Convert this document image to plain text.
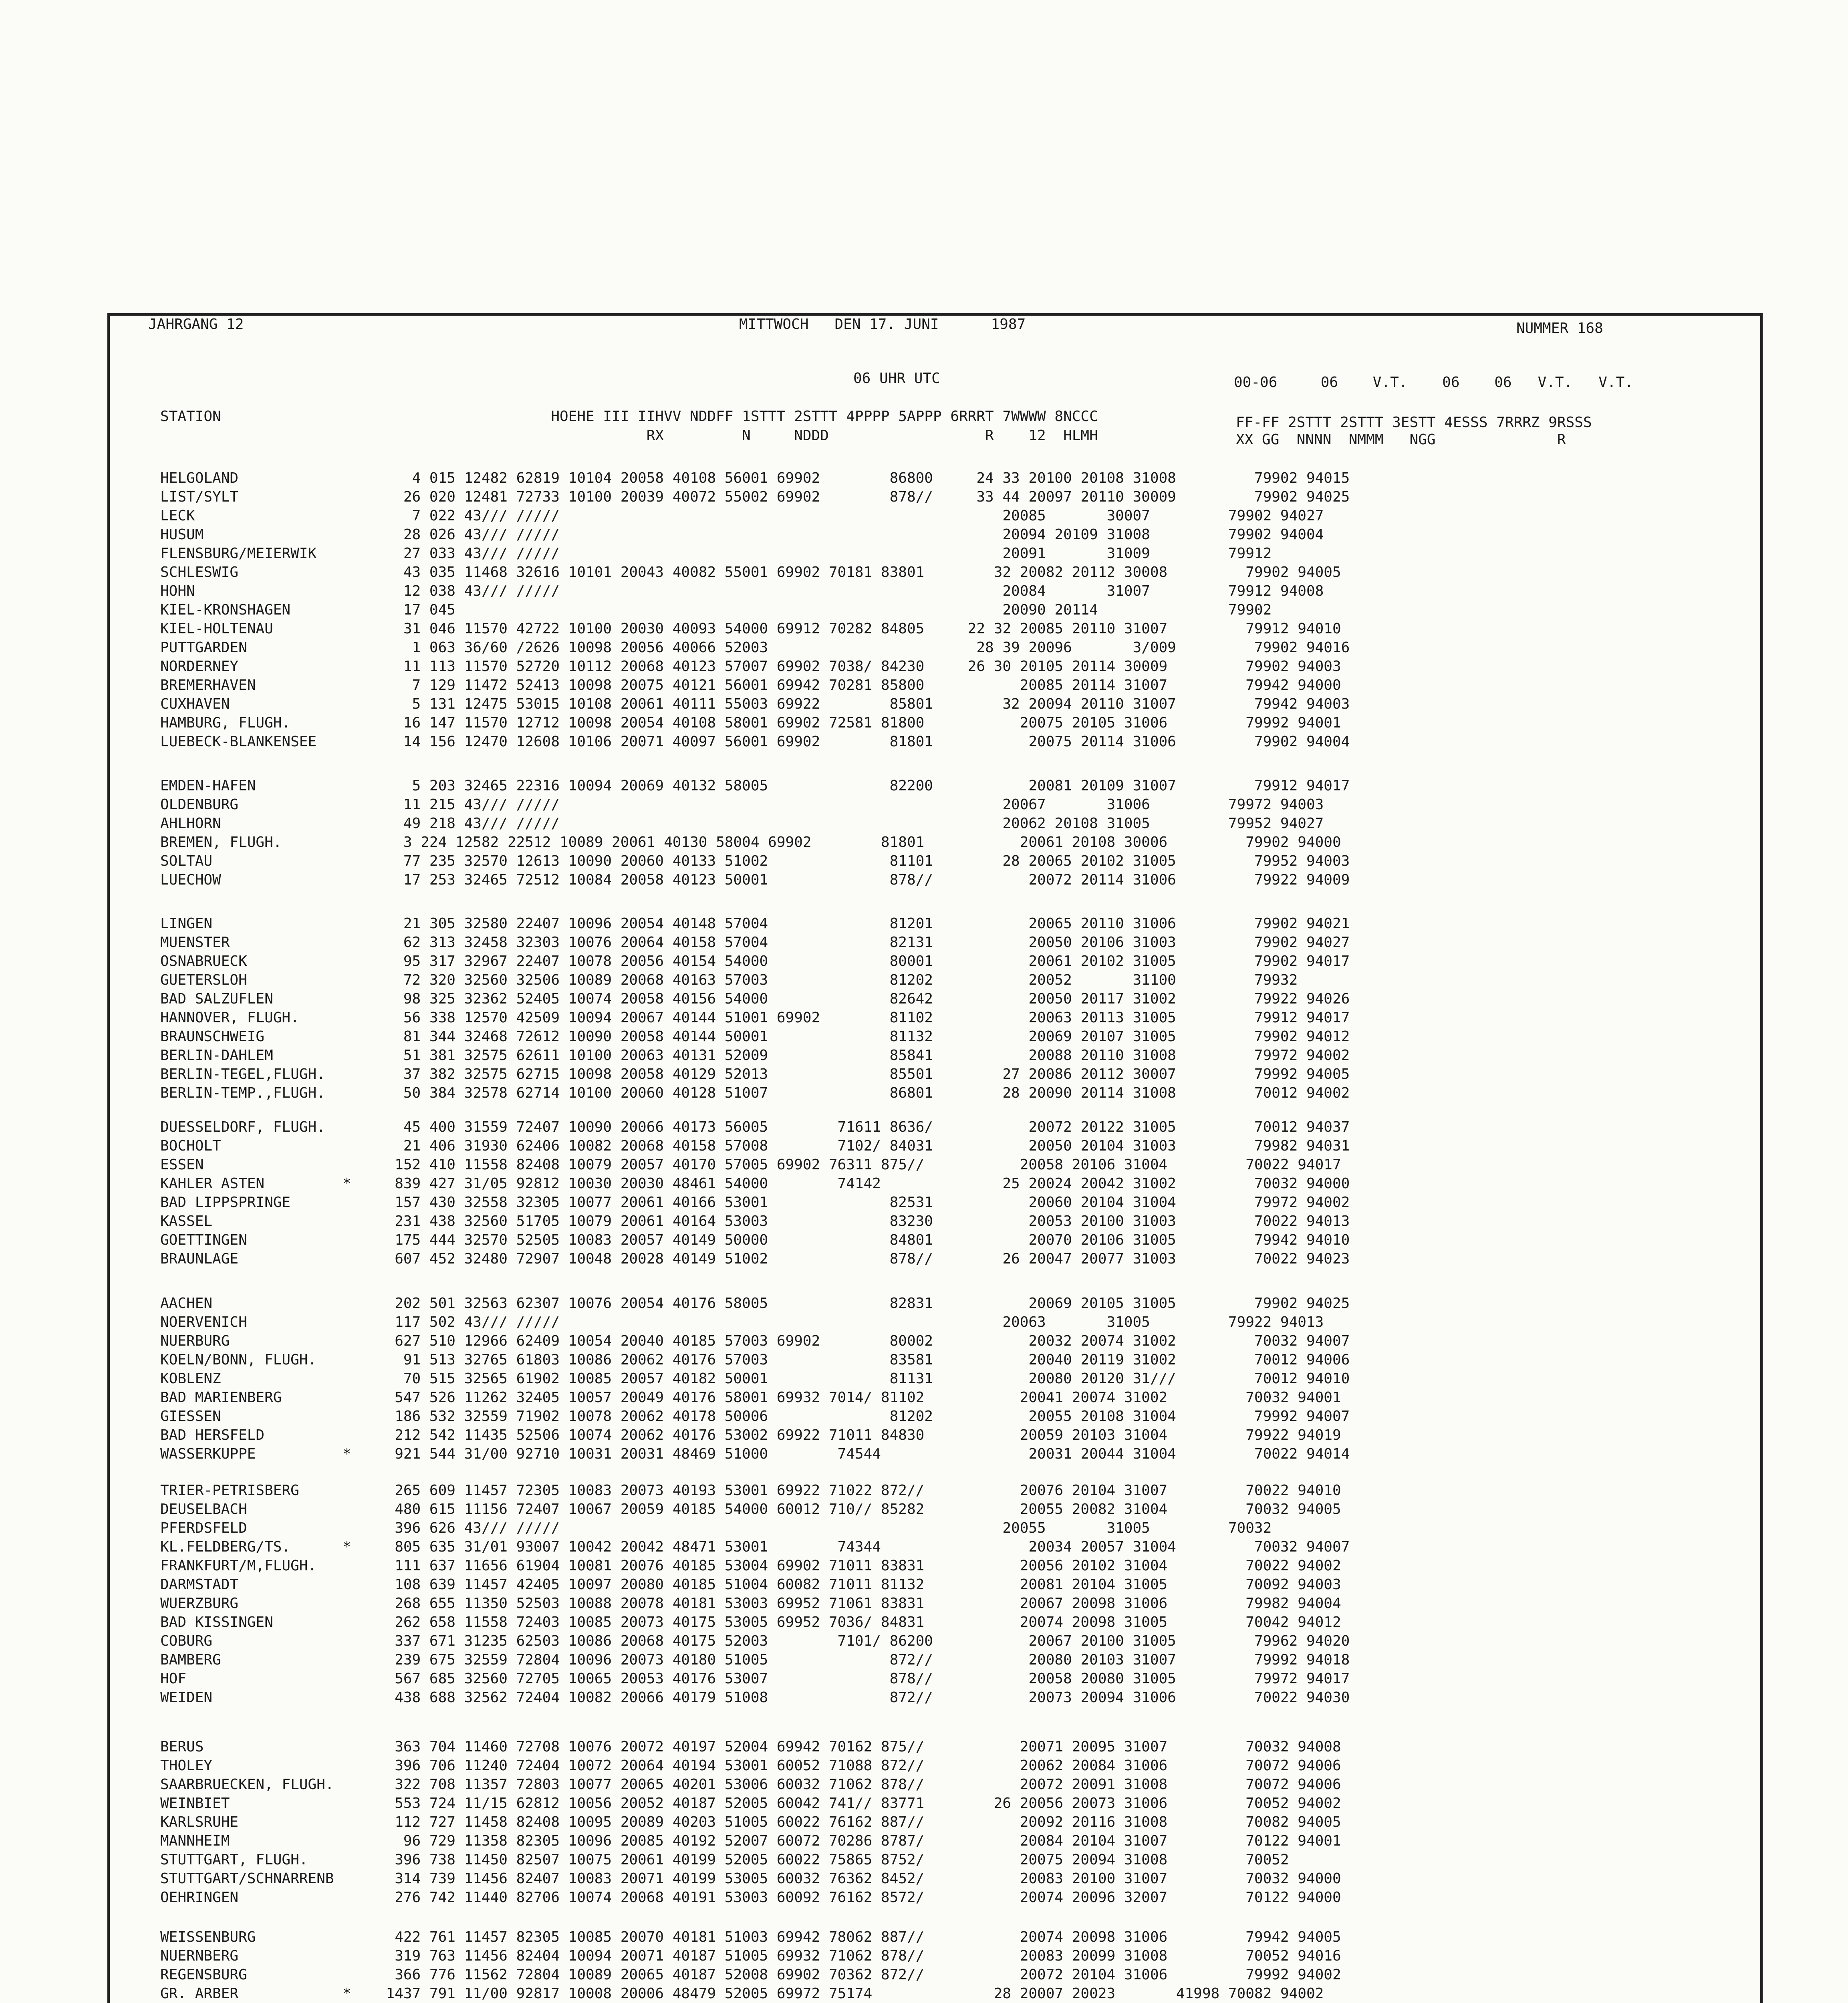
JAHRGANG 12	MITTWOCH   DEN 17. JUNI      1987	NUMMER 168
06 UHR UTC	00-06     06    V.T.    06    06   V.T.   V.T.
STATION                                      HOEHE III IIHVV NDDFF 1STTT 2STTT 4PPPP 5APPP 6RRRT 7WWWW 8NCCC
RX         N     NDDD                  R    12  HLMH
FF-FF 2STTT 2STTT 3ESTT 4ESSS 7RRRZ 9RSSS
XX GG  NNNN  NMMM   NGG              R
HELGOLAND                    4 015 12482 62819 10104 20058 40108 56001 69902        86800     24 33 20100 20108 31008         79902 94015
LIST/SYLT                   26 020 12481 72733 10100 20039 40072 55002 69902        878//     33 44 20097 20110 30009         79902 94025
LECK                         7 022 43/// /////                                                   20085       30007         79902 94027
HUSUM                       28 026 43/// /////                                                   20094 20109 31008         79902 94004
FLENSBURG/MEIERWIK          27 033 43/// /////                                                   20091       31009         79912
SCHLESWIG                   43 035 11468 32616 10101 20043 40082 55001 69902 70181 83801        32 20082 20112 30008         79902 94005
HOHN                        12 038 43/// /////                                                   20084       31007         79912 94008
KIEL-KRONSHAGEN             17 045                                                               20090 20114               79902
KIEL-HOLTENAU               31 046 11570 42722 10100 20030 40093 54000 69912 70282 84805     22 32 20085 20110 31007         79912 94010
PUTTGARDEN                   1 063 36/60 /2626 10098 20056 40066 52003                        28 39 20096       3/009         79902 94016
NORDERNEY                   11 113 11570 52720 10112 20068 40123 57007 69902 7038/ 84230     26 30 20105 20114 30009         79902 94003
BREMERHAVEN                  7 129 11472 52413 10098 20075 40121 56001 69942 70281 85800           20085 20114 31007         79942 94000
CUXHAVEN                     5 131 12475 53015 10108 20061 40111 55003 69922        85801        32 20094 20110 31007         79942 94003
HAMBURG, FLUGH.             16 147 11570 12712 10098 20054 40108 58001 69902 72581 81800           20075 20105 31006         79992 94001
LUEBECK-BLANKENSEE          14 156 12470 12608 10106 20071 40097 56001 69902        81801           20075 20114 31006         79902 94004
EMDEN-HAFEN                  5 203 32465 22316 10094 20069 40132 58005              82200           20081 20109 31007         79912 94017
OLDENBURG                   11 215 43/// /////                                                   20067       31006         79972 94003
AHLHORN                     49 218 43/// /////                                                   20062 20108 31005         79952 94027
BREMEN, FLUGH.              3 224 12582 22512 10089 20061 40130 58004 69902        81801           20061 20108 30006         79902 94000
SOLTAU                      77 235 32570 12613 10090 20060 40133 51002              81101        28 20065 20102 31005         79952 94003
LUECHOW                     17 253 32465 72512 10084 20058 40123 50001              878//           20072 20114 31006         79922 94009
LINGEN                      21 305 32580 22407 10096 20054 40148 57004              81201           20065 20110 31006         79902 94021
MUENSTER                    62 313 32458 32303 10076 20064 40158 57004              82131           20050 20106 31003         79902 94027
OSNABRUECK                  95 317 32967 22407 10078 20056 40154 54000              80001           20061 20102 31005         79902 94017
GUETERSLOH                  72 320 32560 32506 10089 20068 40163 57003              81202           20052       31100         79932
BAD SALZUFLEN               98 325 32362 52405 10074 20058 40156 54000              82642           20050 20117 31002         79922 94026
HANNOVER, FLUGH.            56 338 12570 42509 10094 20067 40144 51001 69902        81102           20063 20113 31005         79912 94017
BRAUNSCHWEIG                81 344 32468 72612 10090 20058 40144 50001              81132           20069 20107 31005         79902 94012
BERLIN-DAHLEM               51 381 32575 62611 10100 20063 40131 52009              85841           20088 20110 31008         79972 94002
BERLIN-TEGEL,FLUGH.         37 382 32575 62715 10098 20058 40129 52013              85501        27 20086 20112 30007         79992 94005
BERLIN-TEMP.,FLUGH.         50 384 32578 62714 10100 20060 40128 51007              86801        28 20090 20114 31008         70012 94002
DUESSELDORF, FLUGH.         45 400 31559 72407 10090 20066 40173 56005        71611 8636/           20072 20122 31005         70012 94037
BOCHOLT                     21 406 31930 62406 10082 20068 40158 57008        7102/ 84031           20050 20104 31003         79982 94031
ESSEN                      152 410 11558 82408 10079 20057 40170 57005 69902 76311 875//           20058 20106 31004         70022 94017
KAHLER ASTEN         *     839 427 31/05 92812 10030 20030 48461 54000        74142              25 20024 20042 31002         70032 94000
BAD LIPPSPRINGE            157 430 32558 32305 10077 20061 40166 53001              82531           20060 20104 31004         79972 94002
KASSEL                     231 438 32560 51705 10079 20061 40164 53003              83230           20053 20100 31003         70022 94013
GOETTINGEN                 175 444 32570 52505 10083 20057 40149 50000              84801           20070 20106 31005         79942 94010
BRAUNLAGE                  607 452 32480 72907 10048 20028 40149 51002              878//        26 20047 20077 31003         70022 94023
AACHEN                     202 501 32563 62307 10076 20054 40176 58005              82831           20069 20105 31005         79902 94025
NOERVENICH                 117 502 43/// /////                                                   20063       31005         79922 94013
NUERBURG                   627 510 12966 62409 10054 20040 40185 57003 69902        80002           20032 20074 31002         70032 94007
KOELN/BONN, FLUGH.          91 513 32765 61803 10086 20062 40176 57003              83581           20040 20119 31002         70012 94006
KOBLENZ                     70 515 32565 61902 10085 20057 40182 50001              81131           20080 20120 31///         70012 94010
BAD MARIENBERG             547 526 11262 32405 10057 20049 40176 58001 69932 7014/ 81102           20041 20074 31002         70032 94001
GIESSEN                    186 532 32559 71902 10078 20062 40178 50006              81202           20055 20108 31004         79992 94007
BAD HERSFELD               212 542 11435 52506 10074 20062 40176 53002 69922 71011 84830           20059 20103 31004         79922 94019
WASSERKUPPE          *     921 544 31/00 92710 10031 20031 48469 51000        74544                 20031 20044 31004         70022 94014
TRIER-PETRISBERG           265 609 11457 72305 10083 20073 40193 53001 69922 71022 872//           20076 20104 31007         70022 94010
DEUSELBACH                 480 615 11156 72407 10067 20059 40185 54000 60012 710// 85282           20055 20082 31004         70032 94005
PFERDSFELD                 396 626 43/// /////                                                   20055       31005         70032
KL.FELDBERG/TS.      *     805 635 31/01 93007 10042 20042 48471 53001        74344                 20034 20057 31004         70032 94007
FRANKFURT/M,FLUGH.         111 637 11656 61904 10081 20076 40185 53004 69902 71011 83831           20056 20102 31004         70022 94002
DARMSTADT                  108 639 11457 42405 10097 20080 40185 51004 60082 71011 81132           20081 20104 31005         70092 94003
WUERZBURG                  268 655 11350 52503 10088 20078 40181 53003 69952 71061 83831           20067 20098 31006         79982 94004
BAD KISSINGEN              262 658 11558 72403 10085 20073 40175 53005 69952 7036/ 84831           20074 20098 31005         70042 94012
COBURG                     337 671 31235 62503 10086 20068 40175 52003        7101/ 86200           20067 20100 31005         79962 94020
BAMBERG                    239 675 32559 72804 10096 20073 40180 51005              872//           20080 20103 31007         79992 94018
HOF                        567 685 32560 72705 10065 20053 40176 53007              878//           20058 20080 31005         79972 94017
WEIDEN                     438 688 32562 72404 10082 20066 40179 51008              872//           20073 20094 31006         70022 94030
BERUS                      363 704 11460 72708 10076 20072 40197 52004 69942 70162 875//           20071 20095 31007         70032 94008
THOLEY                     396 706 11240 72404 10072 20064 40194 53001 60052 71088 872//           20062 20084 31006         70072 94006
SAARBRUECKEN, FLUGH.       322 708 11357 72803 10077 20065 40201 53006 60032 71062 878//           20072 20091 31008         70072 94006
WEINBIET                   553 724 11/15 62812 10056 20052 40187 52005 60042 741// 83771        26 20056 20073 31006         70052 94002
KARLSRUHE                  112 727 11458 82408 10095 20089 40203 51005 60022 76162 887//           20092 20116 31008         70082 94005
MANNHEIM                    96 729 11358 82305 10096 20085 40192 52007 60072 70286 8787/           20084 20104 31007         70122 94001
STUTTGART, FLUGH.          396 738 11450 82507 10075 20061 40199 52005 60022 75865 8752/           20075 20094 31008         70052
STUTTGART/SCHNARRENB       314 739 11456 82407 10083 20071 40199 53005 60032 76362 8452/           20083 20100 31007         70032 94000
OEHRINGEN                  276 742 11440 82706 10074 20068 40191 53003 60092 76162 8572/           20074 20096 32007         70122 94000
WEISSENBURG                422 761 11457 82305 10085 20070 40181 51003 69942 78062 887//           20074 20098 31006         79942 94005
NUERNBERG                  319 763 11456 82404 10094 20071 40187 51005 69932 71062 878//           20083 20099 31008         70052 94016
REGENSBURG                 366 776 11562 72804 10089 20065 40187 52008 69902 70362 872//           20072 20104 31006         79992 94002
GR. ARBER            *    1437 791 11/00 92817 10008 20006 48479 52005 69972 75174              28 20007 20023       41998 70082 94002
